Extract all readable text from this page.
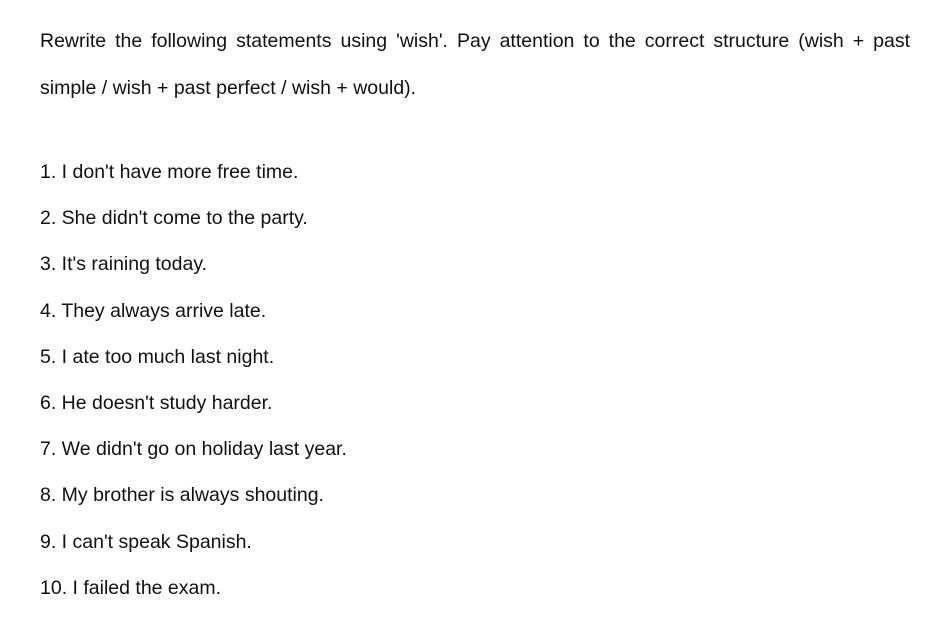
Rewrite the following statements using 'wish'. Pay attention to the correct structure (wish + past simple / wish + past perfect / wish + would).

1. I don't have more free time.
2. She didn't come to the party.
3. It's raining today.
4. They always arrive late.
5. I ate too much last night.
6. He doesn't study harder.
7. We didn't go on holiday last year.
8. My brother is always shouting.
9. I can't speak Spanish.
10. I failed the exam.
